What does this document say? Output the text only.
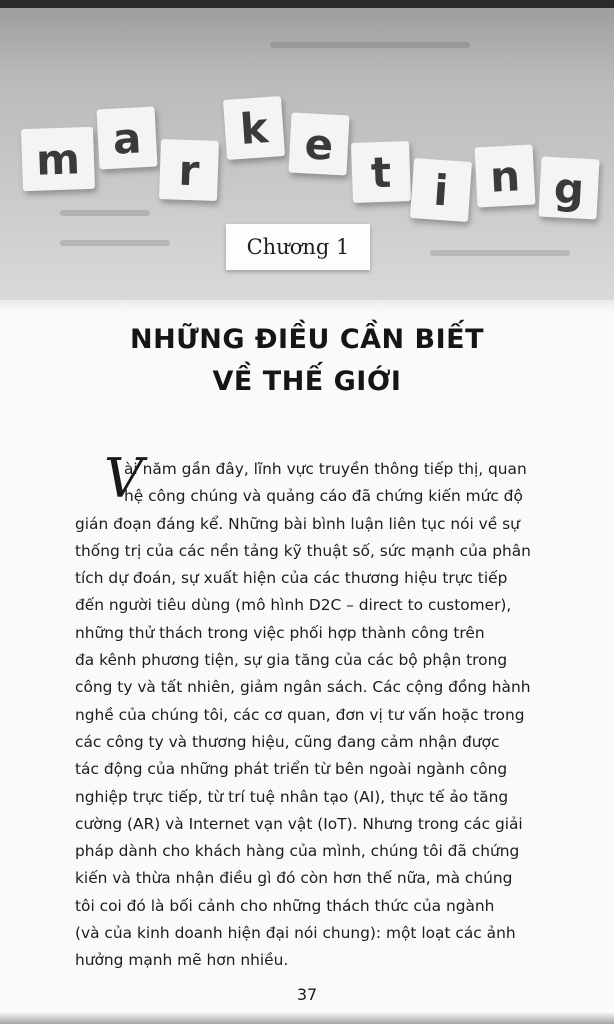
m a
r
k e
t i n g
Chương 1
NHỮNG ĐIỀU CẦN BIẾT
VỀ THẾ GIỚI
V

ài năm gần đây, lĩnh vực truyền thông tiếp thị, quan

hệ công chúng và quảng cáo đã chứng kiến mức độ

gián đoạn đáng kể. Những bài bình luận liên tục nói về sự

thống trị của các nền tảng kỹ thuật số, sức mạnh của phân

tích dự đoán, sự xuất hiện của các thương hiệu trực tiếp

đến người tiêu dùng (mô hình D2C – direct to customer),

những thử thách trong việc phối hợp thành công trên

đa kênh phương tiện, sự gia tăng của các bộ phận trong

công ty và tất nhiên, giảm ngân sách. Các cộng đồng hành

nghề của chúng tôi, các cơ quan, đơn vị tư vấn hoặc trong

các công ty và thương hiệu, cũng đang cảm nhận được

tác động của những phát triển từ bên ngoài ngành công

nghiệp trực tiếp, từ trí tuệ nhân tạo (AI), thực tế ảo tăng

cường (AR) và Internet vạn vật (IoT). Nhưng trong các giải

pháp dành cho khách hàng của mình, chúng tôi đã chứng

kiến và thừa nhận điều gì đó còn hơn thế nữa, mà chúng

tôi coi đó là bối cảnh cho những thách thức của ngành

(và của kinh doanh hiện đại nói chung): một loạt các ảnh

hưởng mạnh mẽ hơn nhiều.

37
